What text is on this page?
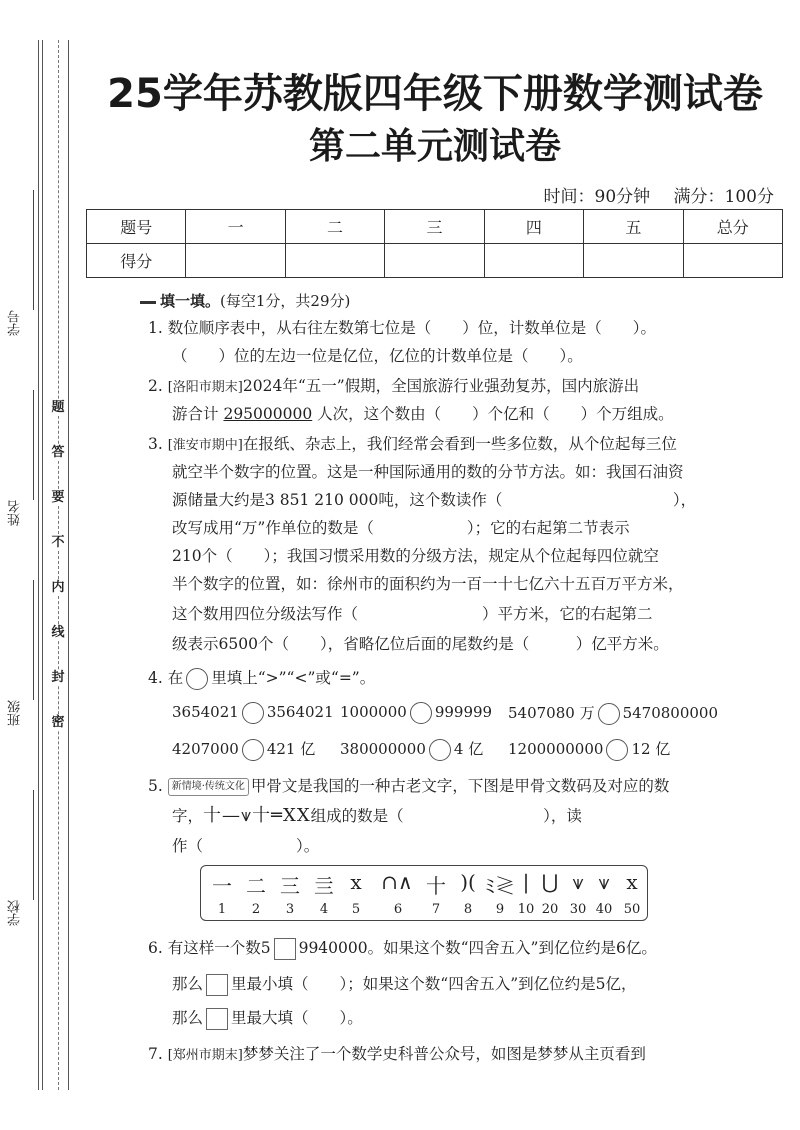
学号
姓名
班级
学校
题
答
要
不
内
线
封
密
25学年苏教版四年级下册数学测试卷
第二单元测试卷
时间：90分钟 满分：100分
题号	一	二	三	四	五	总分
得分						
填一填。(每空1分，共29分)
1. 数位顺序表中，从右往左数第七位是（　　）位，计数单位是（　　）。
（　　）位的左边一位是亿位，亿位的计数单位是（　　）。
2. [洛阳市期末]2024年“五一”假期，全国旅游行业强劲复苏，国内旅游出
游合计 295000000 人次，这个数由（　　）个亿和（　　）个万组成。
3. [淮安市期中]在报纸、杂志上，我们经常会看到一些多位数，从个位起每三位
就空半个数字的位置。这是一种国际通用的数的分节方法。如：我国石油资
源储量大约是3 851 210 000吨，这个数读作（　　　　　　　　　　　），
改写成用“万”作单位的数是（　　　　　　）；它的右起第二节表示
210个（　　）；我国习惯采用数的分级方法，规定从个位起每四位就空
半个数字的位置，如：徐州市的面积约为一百一十七亿六十五百万平方米，
这个数用四位分级法写作（　　　　　　　　）平方米，它的右起第二
级表示6500个（　　），省略亿位后面的尾数约是（　　　）亿平方米。
4. 在 里填上“>”“<”或“=”。
3654021 3564021 1000000 999999 5407080 万 5470800000
4207000 421 亿 380000000 4 亿 1200000000 12 亿
5. 新情境·传统文化 甲骨文是我国的一种古老文字，下图是甲骨文数码及对应的数
字，十—⩛十═ⅩⅩ组成的数是（　　　　　　　　　），读
作（　　　　　　）。
一 二 三 亖 ⅹ ∩∧ 十 )( ﾐ≷ | ⋃ ⩛ ⩛ ⅹ
1	2	3	4	5	6	7	8	9	10 20 30 40 50
6. 有这样一个数5 9940000。如果这个数“四舍五入”到亿位约是6亿。
那么 里最小填（　　）；如果这个数“四舍五入”到亿位约是5亿，
那么 里最大填（　　）。
7. [郑州市期末]梦梦关注了一个数学史科普公众号，如图是梦梦从主页看到
